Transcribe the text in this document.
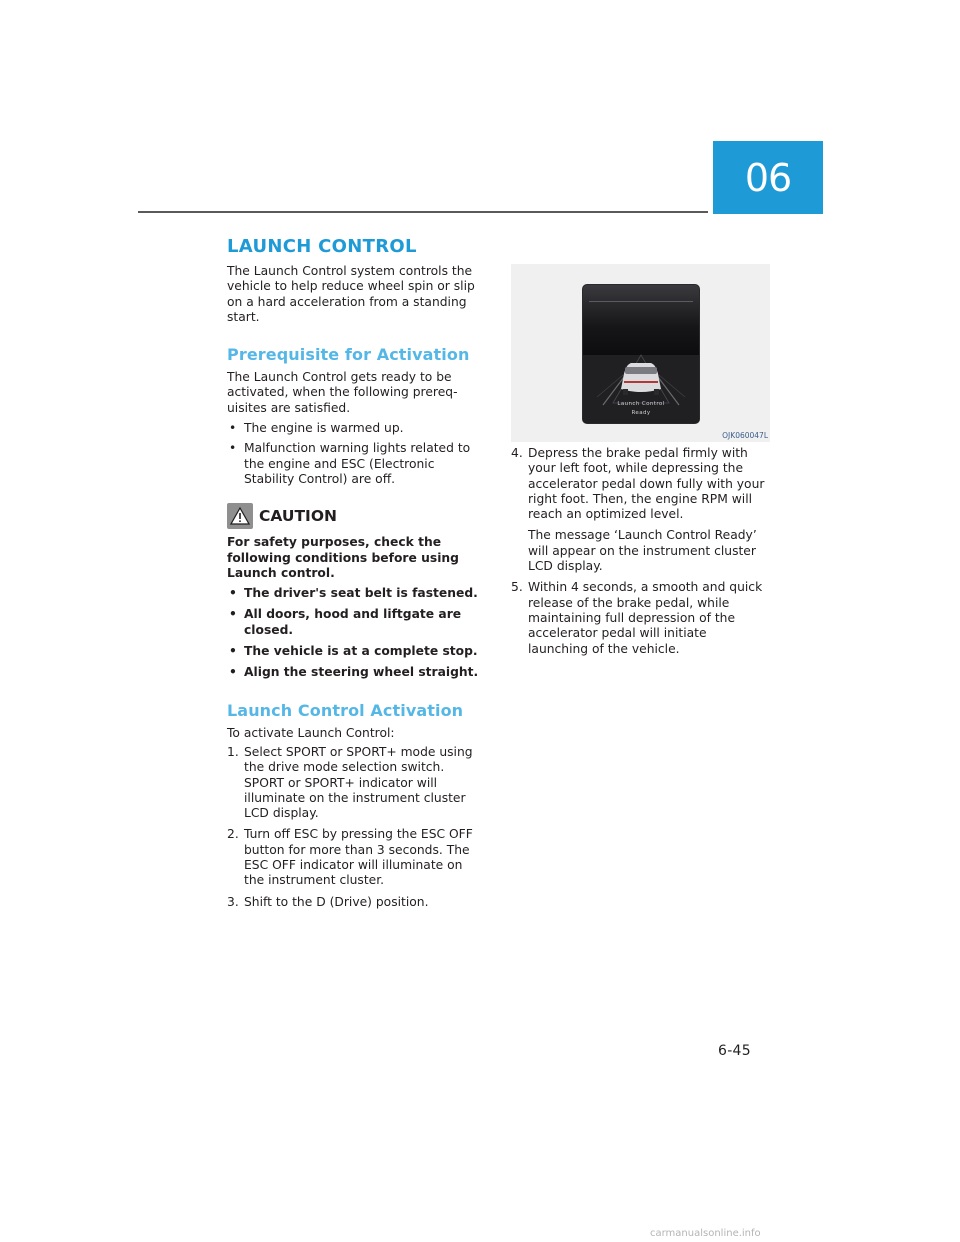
06
LAUNCH CONTROL

The Launch Control system controls the vehicle to help reduce wheel spin or slip on a hard acceleration from a standing start.

Prerequisite for Activation

The Launch Control gets ready to be activated, when the following prereq-uisites are satisfied.

• The engine is warmed up.
• Malfunction warning lights related to the engine and ESC (Electronic Stability Control) are off.
CAUTION

For safety purposes, check the following conditions before using Launch control.

• The driver's seat belt is fastened.
• All doors, hood and liftgate are closed.
• The vehicle is at a complete stop.
• Align the steering wheel straight.
Launch Control Activation

To activate Launch Control:

1. Select SPORT or SPORT+ mode using the drive mode selection switch. SPORT or SPORT+ indicator will illuminate on the instrument cluster LCD display.
2. Turn off ESC by pressing the ESC OFF button for more than 3 seconds. The ESC OFF indicator will illuminate on the instrument cluster.
3. Shift to the D (Drive) position.
Launch Control
Ready
OJK060047L
4. Depress the brake pedal firmly with your left foot, while depressing the accelerator pedal down fully with your right foot. Then, the engine RPM will reach an optimized level.
The message ‘Launch Control Ready’ will appear on the instrument cluster LCD display.
5. Within 4 seconds, a smooth and quick release of the brake pedal, while maintaining full depression of the accelerator pedal will initiate launching of the vehicle.
6-45
carmanualsonline.info
